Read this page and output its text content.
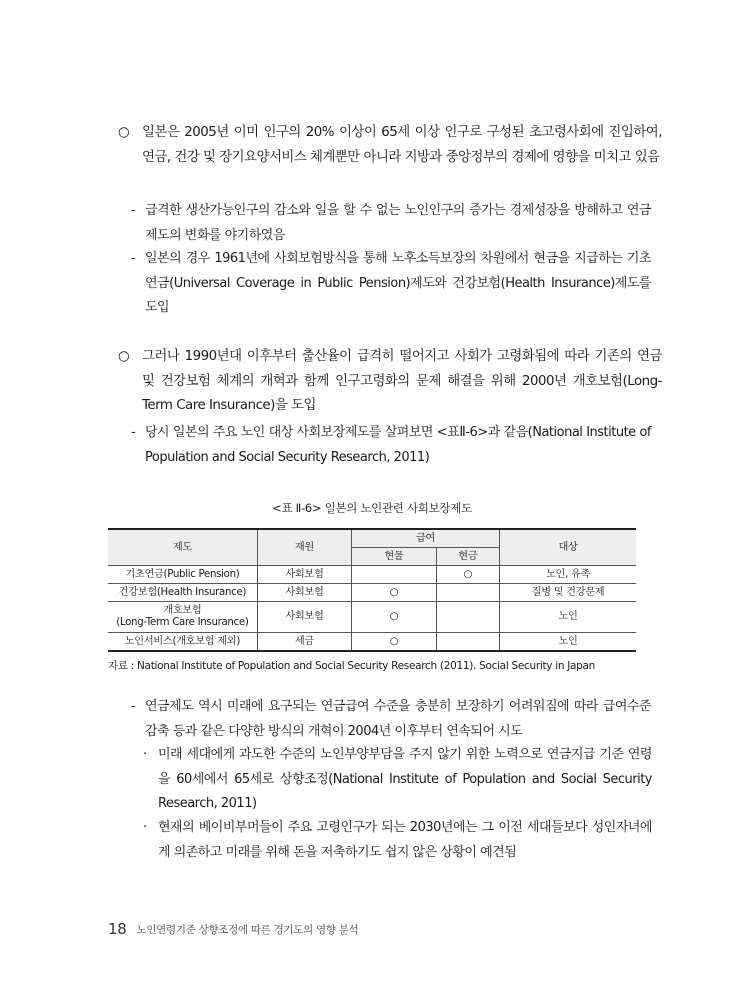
○ 일본은 2005년 이미 인구의 20% 이상이 65세 이상 인구로 구성된 초고령사회에 진입하여, 연금, 건강 및 장기요양서비스 체계뿐만 아니라 지방과 중앙정부의 경제에 영향을 미치고 있음

- 급격한 생산가능인구의 감소와 일을 할 수 없는 노인인구의 증가는 경제성장을 방해하고 연금제도의 변화를 야기하였음

- 일본의 경우 1961년에 사회보험방식을 통해 노후소득보장의 차원에서 현금을 지급하는 기초연금(Universal Coverage in Public Pension)제도와 건강보험(Health Insurance)제도를 도입

○ 그러나 1990년대 이후부터 출산율이 급격히 떨어지고 사회가 고령화됨에 따라 기존의 연금 및 건강보험 체계의 개혁과 함께 인구고령화의 문제 해결을 위해 2000년 개호보험(Long-Term Care Insurance)을 도입

- 당시 일본의 주요 노인 대상 사회보장제도를 살펴보면 <표Ⅱ-6>과 같음(National Institute of Population and Social Security Research, 2011)

<표 Ⅱ-6> 일본의 노인관련 사회보장제도
제도	재원	급여		대상
		현물	현금	
기초연금(Public Pension)	사회보험		○	노인, 유족
건강보험(Health Insurance)	사회보험	○		질병 및 건강문제

개호보험
(Long-Term Care Insurance)	사회보험	○		노인
노인서비스(개호보험 제외)	세금	○		노인
자료 : National Institute of Population and Social Security Research (2011). Social Security in Japan

- 연금제도 역시 미래에 요구되는 연금급여 수준을 충분히 보장하기 어려워짐에 따라 급여수준 감축 등과 같은 다양한 방식의 개혁이 2004년 이후부터 연속되어 시도

· 미래 세대에게 과도한 수준의 노인부양부담을 주지 않기 위한 노력으로 연금지급 기준 연령을 60세에서 65세로 상향조정(National Institute of Population and Social Security Research, 2011)

· 현재의 베이비부머들이 주요 고령인구가 되는 2030년에는 그 이전 세대들보다 성인자녀에게 의존하고 미래를 위해 돈을 저축하기도 쉽지 않은 상황이 예견됨

18 노인연령기준 상향조정에 따른 경기도의 영향 분석
